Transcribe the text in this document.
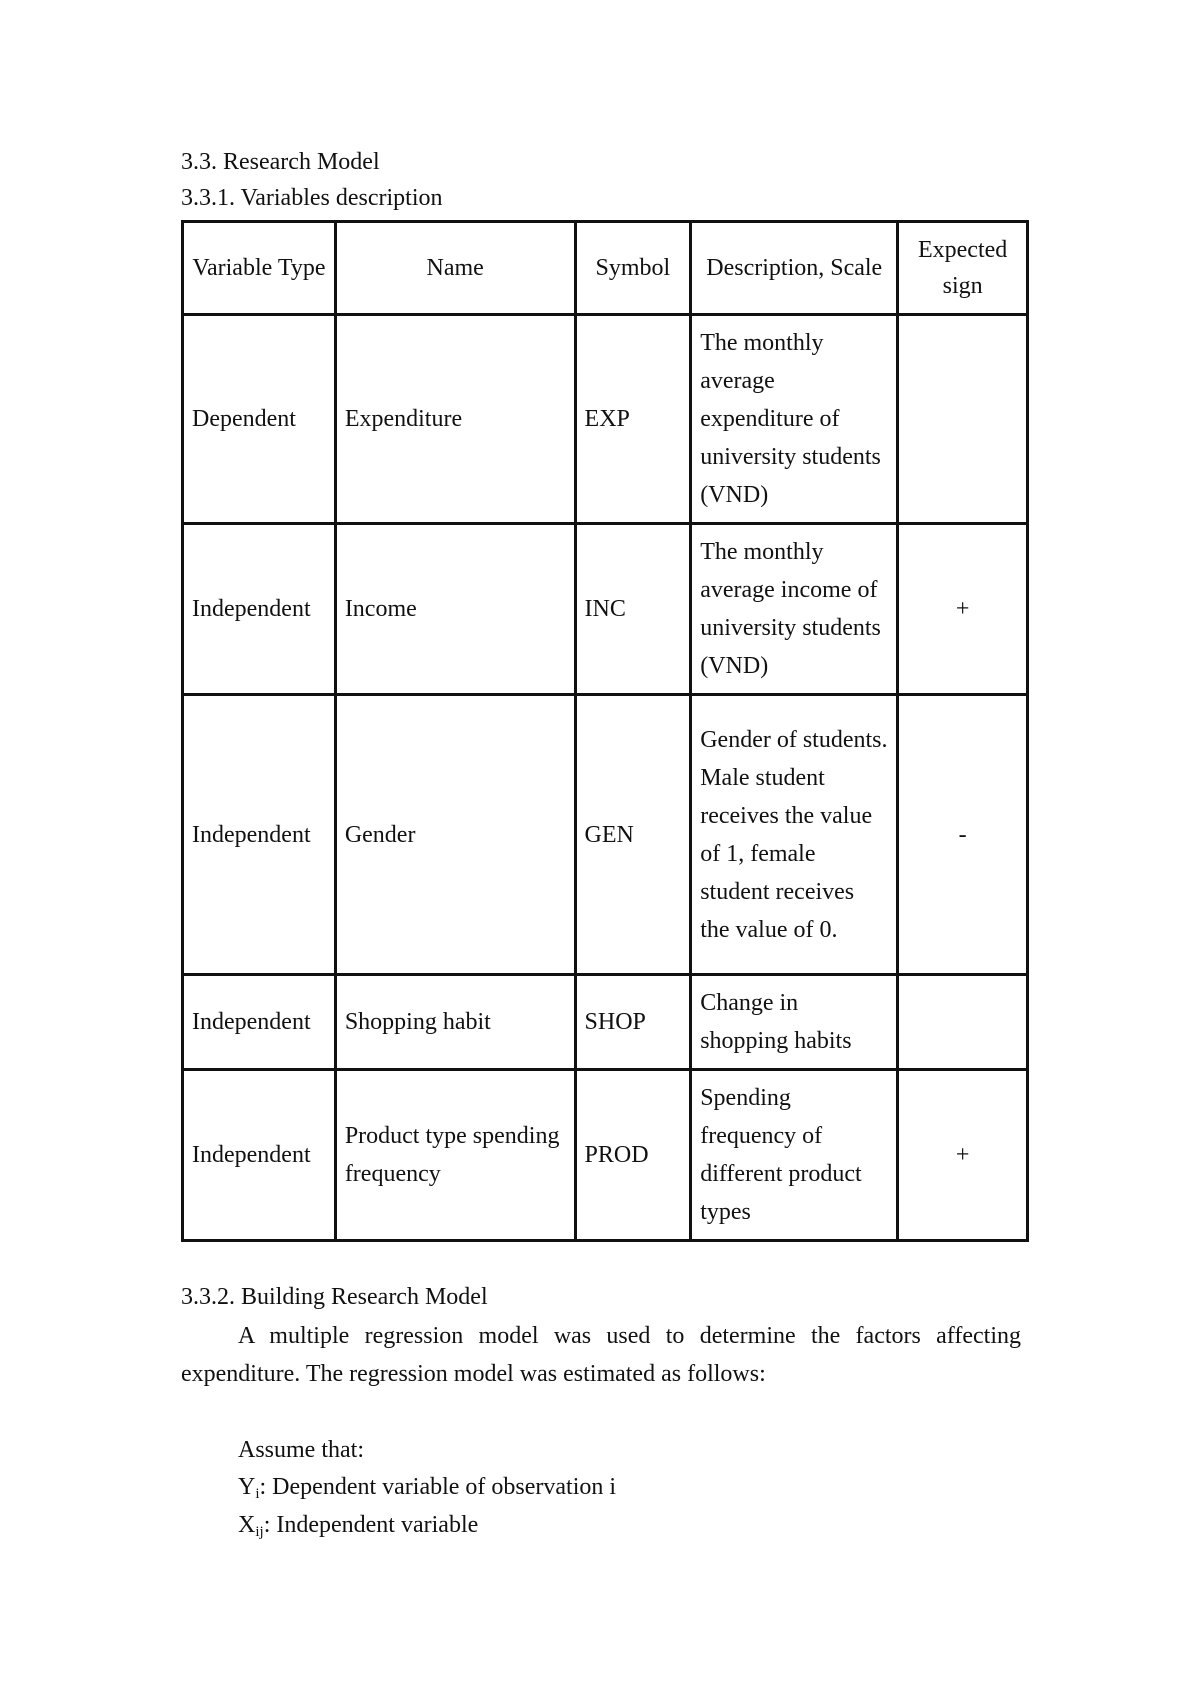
3.3. Research Model
3.3.1. Variables description
Variable Type	Name	Symbol	Description, Scale	Expected sign
Dependent	Expenditure	EXP	The monthly average expenditure of university students (VND)	
Independent	Income	INC	The monthly average income of university students (VND)	+
Independent	Gender	GEN	Gender of students. Male student receives the value of 1, female student receives the value of 0.	-
Independent	Shopping habit	SHOP	Change in shopping habits	
Independent	Product type spending frequency	PROD	Spending frequency of different product types	+
3.3.2. Building Research Model
A multiple regression model was used to determine the factors affecting expenditure. The regression model was estimated as follows:
Assume that:
$Y_i$: Dependent variable of observation i
$X_{ij}$: Independent variable
